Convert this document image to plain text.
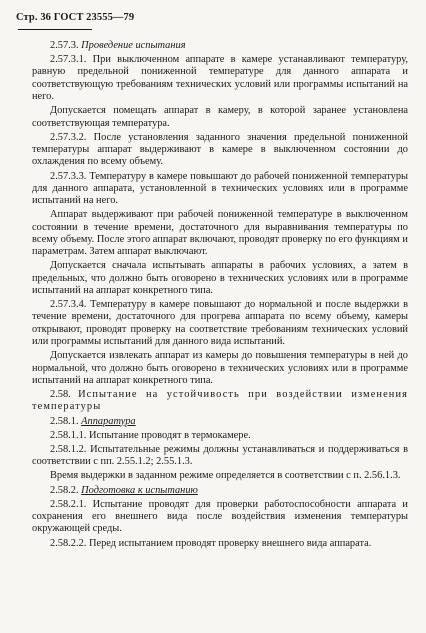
Стр. 36 ГОСТ 23555—79

2.57.3. Проведение испытания

2.57.3.1. При выключенном аппарате в камере устанавливают температуру, равную предельной пониженной температуре для данного аппарата и соответствующую требованиям технических условий или программы испытаний на него.

Допускается помещать аппарат в камеру, в которой заранее установлена соответствующая температура.

2.57.3.2. После установления заданного значения предельной пониженной температуры аппарат выдерживают в камере в выключенном состоянии до охлаждения по всему объему.

2.57.3.3. Температуру в камере повышают до рабочей пониженной температуры для данного аппарата, установленной в технических условиях или в программе испытаний на него.

Аппарат выдерживают при рабочей пониженной температуре в выключенном состоянии в течение времени, достаточного для выравнивания температуры по всему объему. После этого аппарат включают, проводят проверку по его функциям и параметрам. Затем аппарат выключают.

Допускается сначала испытывать аппараты в рабочих условиях, а затем в предельных, что должно быть оговорено в технических условиях или в программе испытаний на аппарат конкретного типа.

2.57.3.4. Температуру в камере повышают до нормальной и после выдержки в течение времени, достаточного для прогрева аппарата по всему объему, камеры открывают, проводят проверку на соответствие требованиям технических условий или программы испытаний для данного вида испытаний.

Допускается извлекать аппарат из камеры до повышения температуры в ней до нормальной, что должно быть оговорено в технических условиях или в программе испытаний на аппарат конкретного типа.

2.58. Испытание на устойчивость при воздействии изменения температуры

2.58.1. Аппаратура

2.58.1.1. Испытание проводят в термокамере.

2.58.1.2. Испытательные режимы должны устанавливаться и поддерживаться в соответствии с пп. 2.55.1.2; 2.55.1.3.

Время выдержки в заданном режиме определяется в соответствии с п. 2.56.1.3.

2.58.2. Подготовка к испытанию

2.58.2.1. Испытание проводят для проверки работоспособности аппарата и сохранения его внешнего вида после воздействия изменения температуры окружающей среды.

2.58.2.2. Перед испытанием проводят проверку внешнего вида аппарата.
